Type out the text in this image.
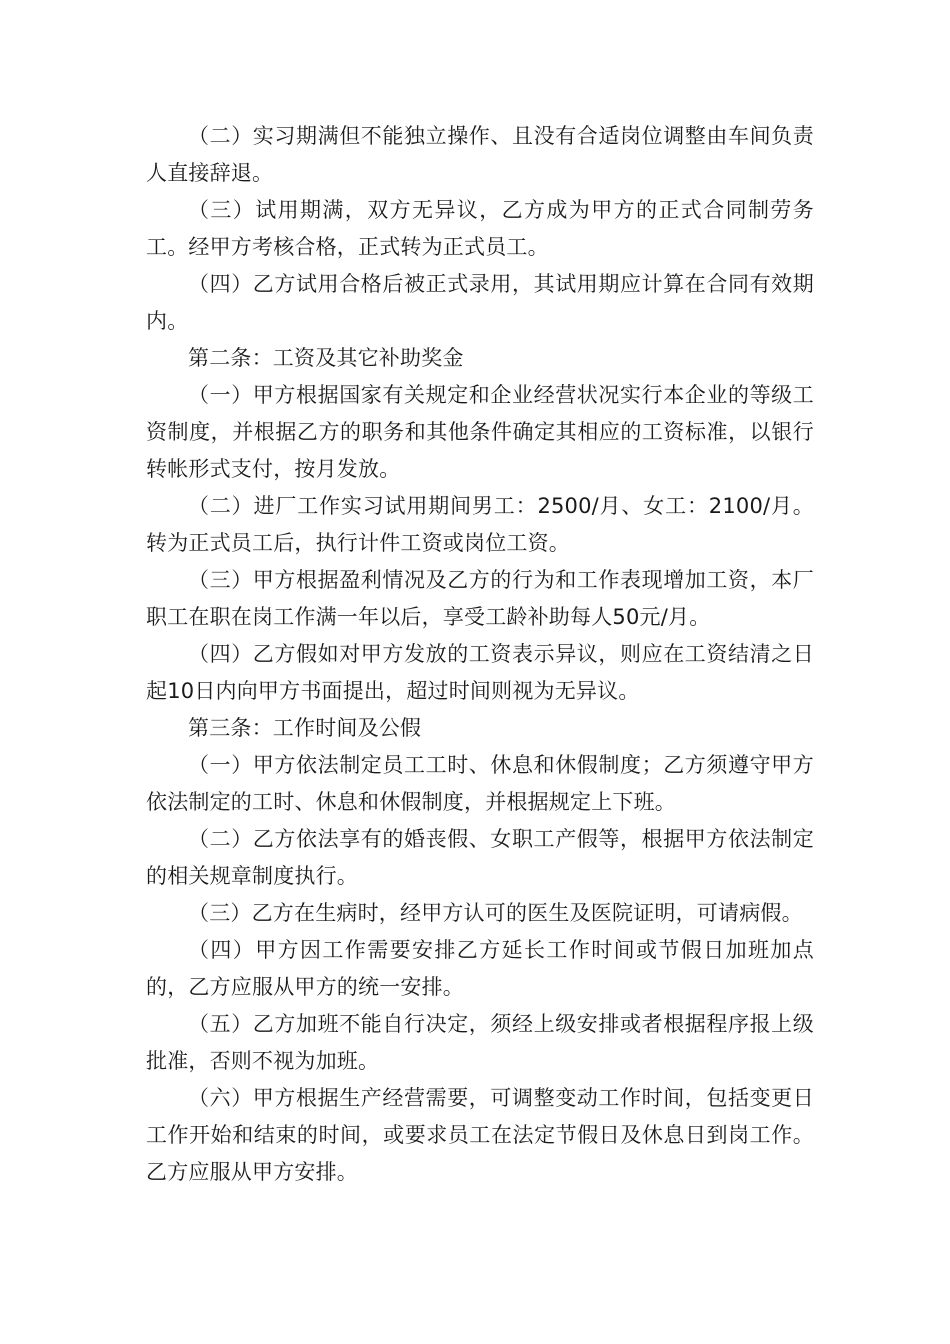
（二）实习期满但不能独立操作、且没有合适岗位调整由车间负责人直接辞退。

（三）试用期满，双方无异议，乙方成为甲方的正式合同制劳务工。经甲方考核合格，正式转为正式员工。

（四）乙方试用合格后被正式录用，其试用期应计算在合同有效期内。

第二条：工资及其它补助奖金

（一）甲方根据国家有关规定和企业经营状况实行本企业的等级工资制度，并根据乙方的职务和其他条件确定其相应的工资标准，以银行转帐形式支付，按月发放。

（二）进厂工作实习试用期间男工：2500/月、女工：2100/月。转为正式员工后，执行计件工资或岗位工资。

（三）甲方根据盈利情况及乙方的行为和工作表现增加工资，本厂职工在职在岗工作满一年以后，享受工龄补助每人50元/月。

（四）乙方假如对甲方发放的工资表示异议，则应在工资结清之日起10日内向甲方书面提出，超过时间则视为无异议。

第三条：工作时间及公假

（一）甲方依法制定员工工时、休息和休假制度；乙方须遵守甲方依法制定的工时、休息和休假制度，并根据规定上下班。

（二）乙方依法享有的婚丧假、女职工产假等，根据甲方依法制定的相关规章制度执行。

（三）乙方在生病时，经甲方认可的医生及医院证明，可请病假。

（四）甲方因工作需要安排乙方延长工作时间或节假日加班加点的，乙方应服从甲方的统一安排。

（五）乙方加班不能自行决定，须经上级安排或者根据程序报上级批准，否则不视为加班。

（六）甲方根据生产经营需要，可调整变动工作时间，包括变更日工作开始和结束的时间，或要求员工在法定节假日及休息日到岗工作。乙方应服从甲方安排。
